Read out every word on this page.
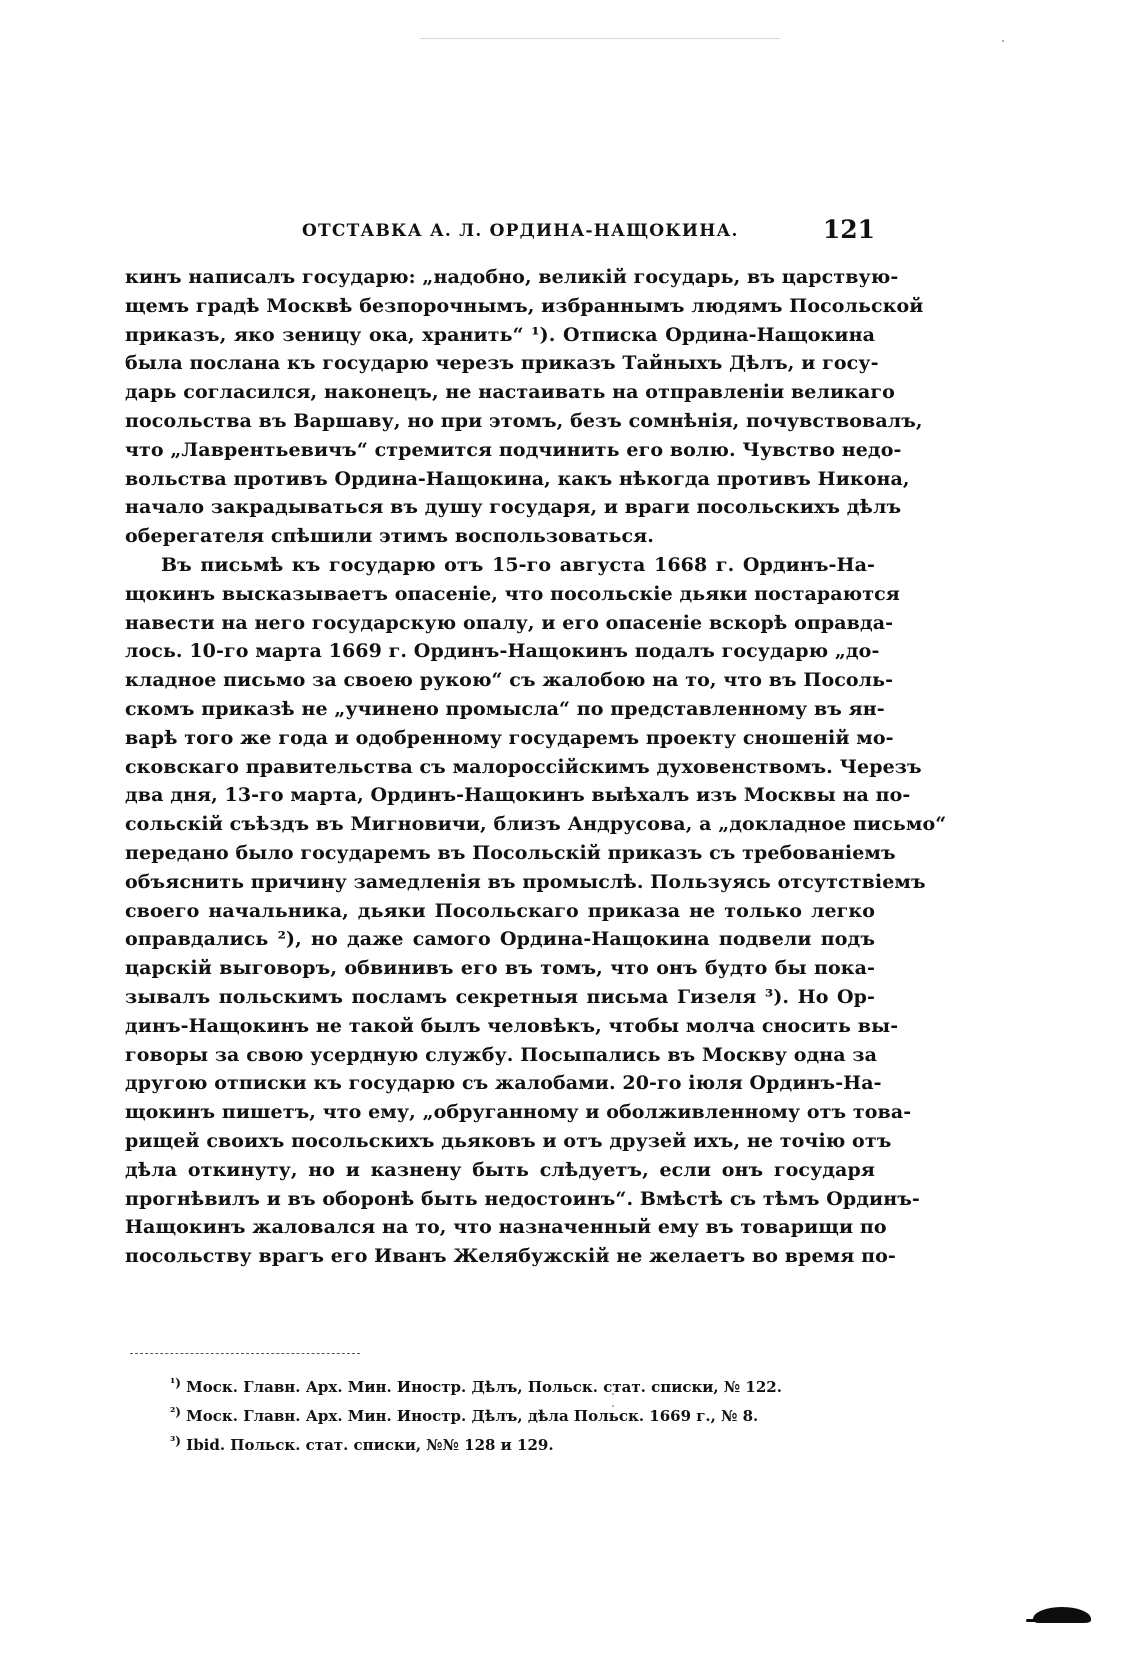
ОТСТАВКА А. Л. ОРДИНА-НАЩОКИНА.	121
кинъ написалъ государю: „надобно, великій государь, въ царствую-
щемъ градѣ Москвѣ безпорочнымъ, избраннымъ людямъ Посольской
приказъ, яко зеницу ока, хранить“ ¹). Отписка Ордина-Нащокина
была послана къ государю черезъ приказъ Тайныхъ Дѣлъ, и госу-
дарь согласился, наконецъ, не настаивать на отправленіи великаго
посольства въ Варшаву, но при этомъ, безъ сомнѣнія, почувствовалъ,
что „Лаврентьевичъ“ стремится подчинить его волю. Чувство недо-
вольства противъ Ордина-Нащокина, какъ нѣкогда противъ Никона,
начало закрадываться въ душу государя, и враги посольскихъ дѣлъ
оберегателя спѣшили этимъ воспользоваться.
Въ письмѣ къ государю отъ 15-го августа 1668 г. Ординъ-На-
щокинъ высказываетъ опасеніе, что посольскіе дьяки постараются
навести на него государскую опалу, и его опасеніе вскорѣ оправда-
лось. 10-го марта 1669 г. Ординъ-Нащокинъ подалъ государю „до-
кладное письмо за своею рукою“ съ жалобою на то, что въ Посоль-
скомъ приказѣ не „учинено промысла“ по представленному въ ян-
варѣ того же года и одобренному государемъ проекту сношеній мо-
сковскаго правительства съ малороссійскимъ духовенствомъ. Черезъ
два дня, 13-го марта, Ординъ-Нащокинъ выѣхалъ изъ Москвы на по-
сольскій съѣздъ въ Мигновичи, близъ Андрусова, а „докладное письмо“
передано было государемъ въ Посольскій приказъ съ требованіемъ
объяснить причину замедленія въ промыслѣ. Пользуясь отсутствіемъ
своего начальника, дьяки Посольскаго приказа не только легко
оправдались ²), но даже самого Ордина-Нащокина подвели подъ
царскій выговоръ, обвинивъ его въ томъ, что онъ будто бы пока-
зывалъ польскимъ посламъ секретныя письма Гизеля ³). Но Ор-
динъ-Нащокинъ не такой былъ человѣкъ, чтобы молча сносить вы-
говоры за свою усердную службу. Посыпались въ Москву одна за
другою отписки къ государю съ жалобами. 20-го іюля Ординъ-На-
щокинъ пишетъ, что ему, „обруганному и оболживленному отъ това-
рищей своихъ посольскихъ дьяковъ и отъ друзей ихъ, не точію отъ
дѣла откинуту, но и казнену быть слѣдуетъ, если онъ государя
прогнѣвилъ и въ оборонѣ быть недостоинъ“. Вмѣстѣ съ тѣмъ Ординъ-
Нащокинъ жаловался на то, что назначенный ему въ товарищи по
посольству врагъ его Иванъ Желябужскій не желаетъ во время по-
$^{^1)}$ Моск. Главн. Арх. Мин. Иностр. Дѣлъ, Польск. стат. списки, № 122.
$^{^2)}$ Моск. Главн. Арх. Мин. Иностр. Дѣлъ, дѣла Польск. 1669 г., № 8.
$^{^3)}$ Ibid. Польск. стат. списки, №№ 128 и 129.
